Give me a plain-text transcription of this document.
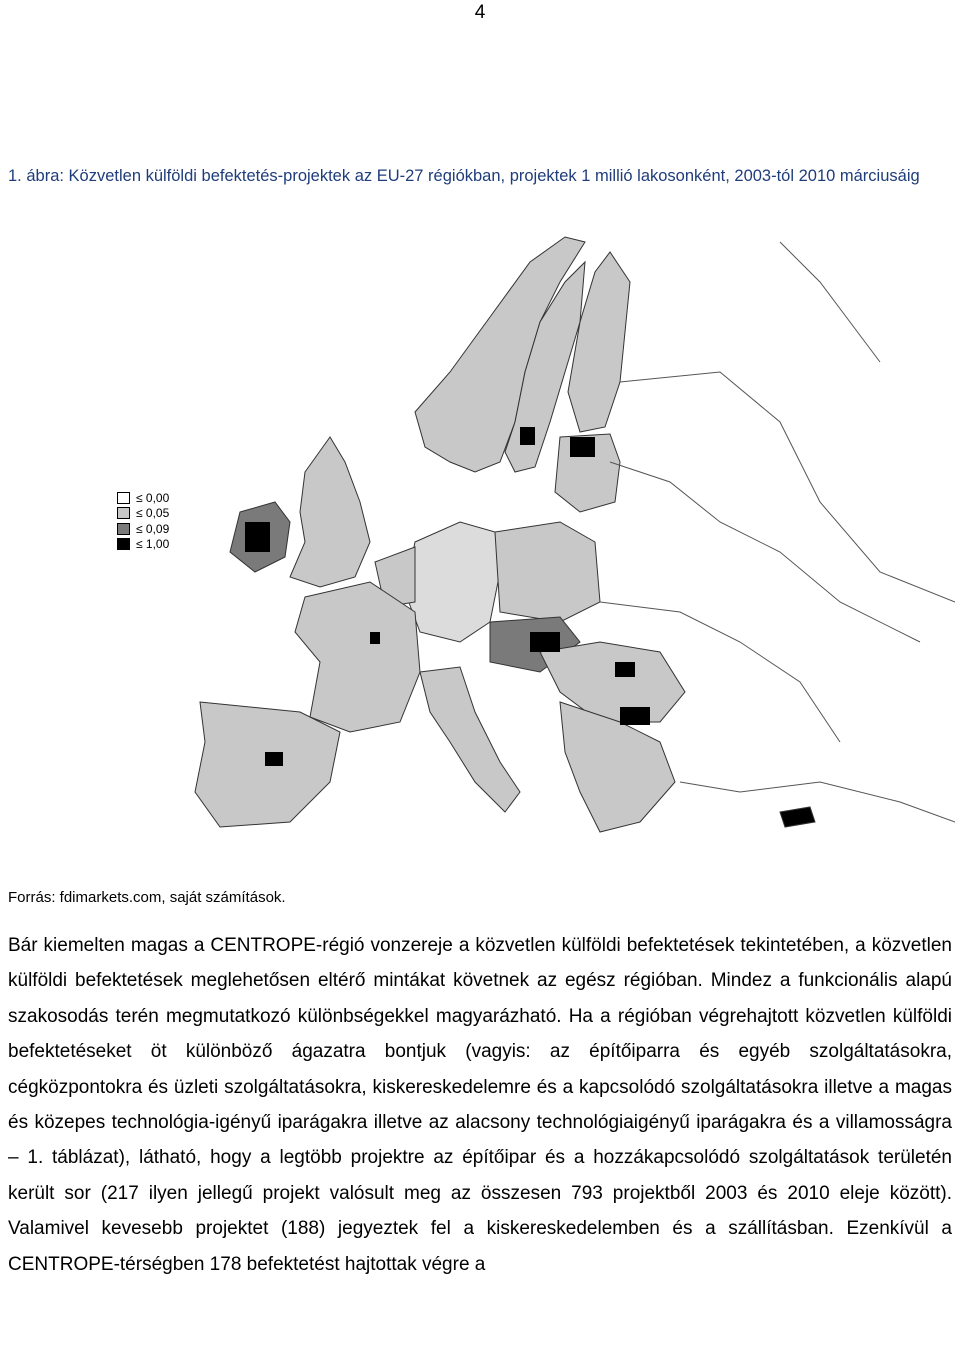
4
1. ábra: Közvetlen külföldi befektetés-projektek az EU-27 régiókban, projektek 1 millió lakosonként, 2003-tól 2010 márciusáig
≤ 0,00
≤ 0,05
≤ 0,09
≤ 1,00
Forrás: fdimarkets.com, saját számítások.
Bár kiemelten magas a CENTROPE-régió vonzereje a közvetlen külföldi befektetések tekintetében, a közvetlen külföldi befektetések meglehetősen eltérő mintákat követnek az egész régióban. Mindez a funkcionális alapú szakosodás terén megmutatkozó különbségekkel magyarázható. Ha a régióban végrehajtott közvetlen külföldi befektetéseket öt különböző ágazatra bontjuk (vagyis: az építőiparra és egyéb szolgáltatásokra, cégközpontokra és üzleti szolgáltatásokra, kiskereskedelemre és a kapcsolódó szolgáltatásokra illetve a magas és közepes technológia-igényű iparágakra illetve az alacsony technológiaigényű iparágakra és a villamosságra – 1. táblázat), látható, hogy a legtöbb projektre az építőipar és a hozzákapcsolódó szolgáltatások területén került sor (217 ilyen jellegű projekt valósult meg az összesen 793 projektből 2003 és 2010 eleje között). Valamivel kevesebb projektet (188) jegyeztek fel a kiskereskedelemben és a szállításban. Ezenkívül a CENTROPE-térségben 178 befektetést hajtottak végre a
